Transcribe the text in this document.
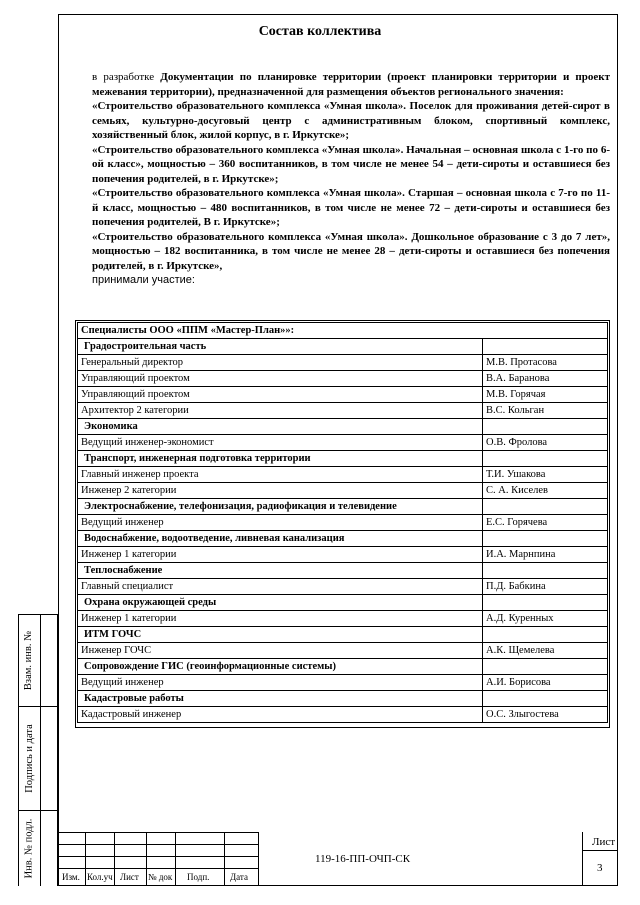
Взам. инв. №
Подпись и дата
Инв. № подл.
Состав коллектива

в разработке Документации по планировке территории (проект планировки территории и проект межевания территории), предназначенной для размещения объектов регионального значения:

«Строительство образовательного комплекса «Умная школа». Поселок для проживания детей-сирот в семьях, культурно-досуговый центр с административным блоком, спортивный комплекс, хозяйственный блок, жилой корпус, в г. Иркутске»;

«Строительство образовательного комплекса «Умная школа». Начальная – основная школа с 1-го по 6-ой класс», мощностью – 360 воспитанников, в том числе не менее 54 – дети-сироты и оставшиеся без попечения родителей, в г. Иркутске»;

«Строительство образовательного комплекса «Умная школа». Старшая – основная школа с 7-го по 11-й класс, мощностью – 480 воспитанников, в том числе не менее 72 – дети-сироты и оставшиеся без попечения родителей, В г. Иркутске»;

«Строительство образовательного комплекса «Умная школа». Дошкольное образование с 3 до 7 лет», мощностью – 182 воспитанника, в том числе не менее 28 – дети-сироты и оставшиеся без попечения родителей, в г. Иркутске»,

принимали участие:

Специалисты ООО «ППМ «Мастер-План»»:	
Градостроительная часть	
Генеральный директор	М.В. Протасова
Управляющий проектом	В.А. Баранова
Управляющий проектом	М.В. Горячая
Архитектор 2 категории	В.С. Кольган
Экономика	
Ведущий инженер-экономист	О.В. Фролова
Транспорт, инженерная подготовка территории	
Главный инженер проекта	Т.И. Ушакова
Инженер 2 категории	С. А. Киселев
Электроснабжение, телефонизация, радиофикация и телевидение	
Ведущий инженер	Е.С. Горячева
Водоснабжение, водоотведение, ливневая канализация	
Инженер 1 категории	И.А. Марнпина
Теплоснабжение	
Главный специалист	П.Д. Бабкина
Охрана окружающей среды	
Инженер 1 категории	А.Д. Куренных
ИТМ ГОЧС	
Инженер ГОЧС	А.К. Щемелева
Сопровождение ГИС (геоинформационные системы)	
Ведущий инженер	А.И. Борисова
Кадастровые работы	
Кадастровый инженер	О.С. Злыгостева
Изм. Кол.уч Лист № док Подп. Дата
119-16-ПП-ОЧП-СК
Лист
3
